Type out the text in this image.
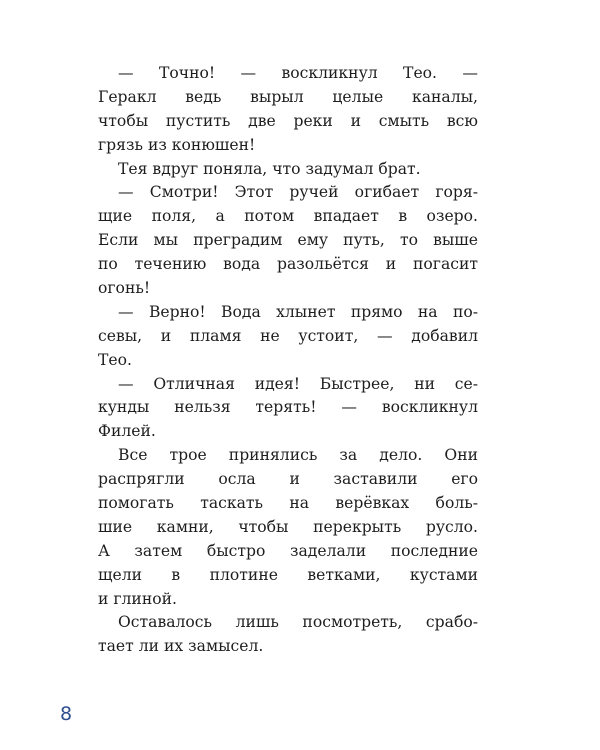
— Точно! — воскликнул Тео. —
Геракл ведь вырыл целые каналы,
чтобы пустить две реки и смыть всю
грязь из конюшен!
Тея вдруг поняла, что задумал брат.
— Смотри! Этот ручей огибает горя-
щие поля, а потом впадает в озеро.
Если мы преградим ему путь, то выше
по течению вода разольётся и погасит
огонь!
— Верно! Вода хлынет прямо на по-
севы, и пламя не устоит, — добавил
Тео.
— Отличная идея! Быстрее, ни се-
кунды нельзя терять! — воскликнул
Филей.
Все трое принялись за дело. Они
распрягли осла и заставили его
помогать таскать на верёвках боль-
шие камни, чтобы перекрыть русло.
А затем быстро заделали последние
щели в плотине ветками, кустами
и глиной.
Оставалось лишь посмотреть, срабо-
тает ли их замысел.
8
